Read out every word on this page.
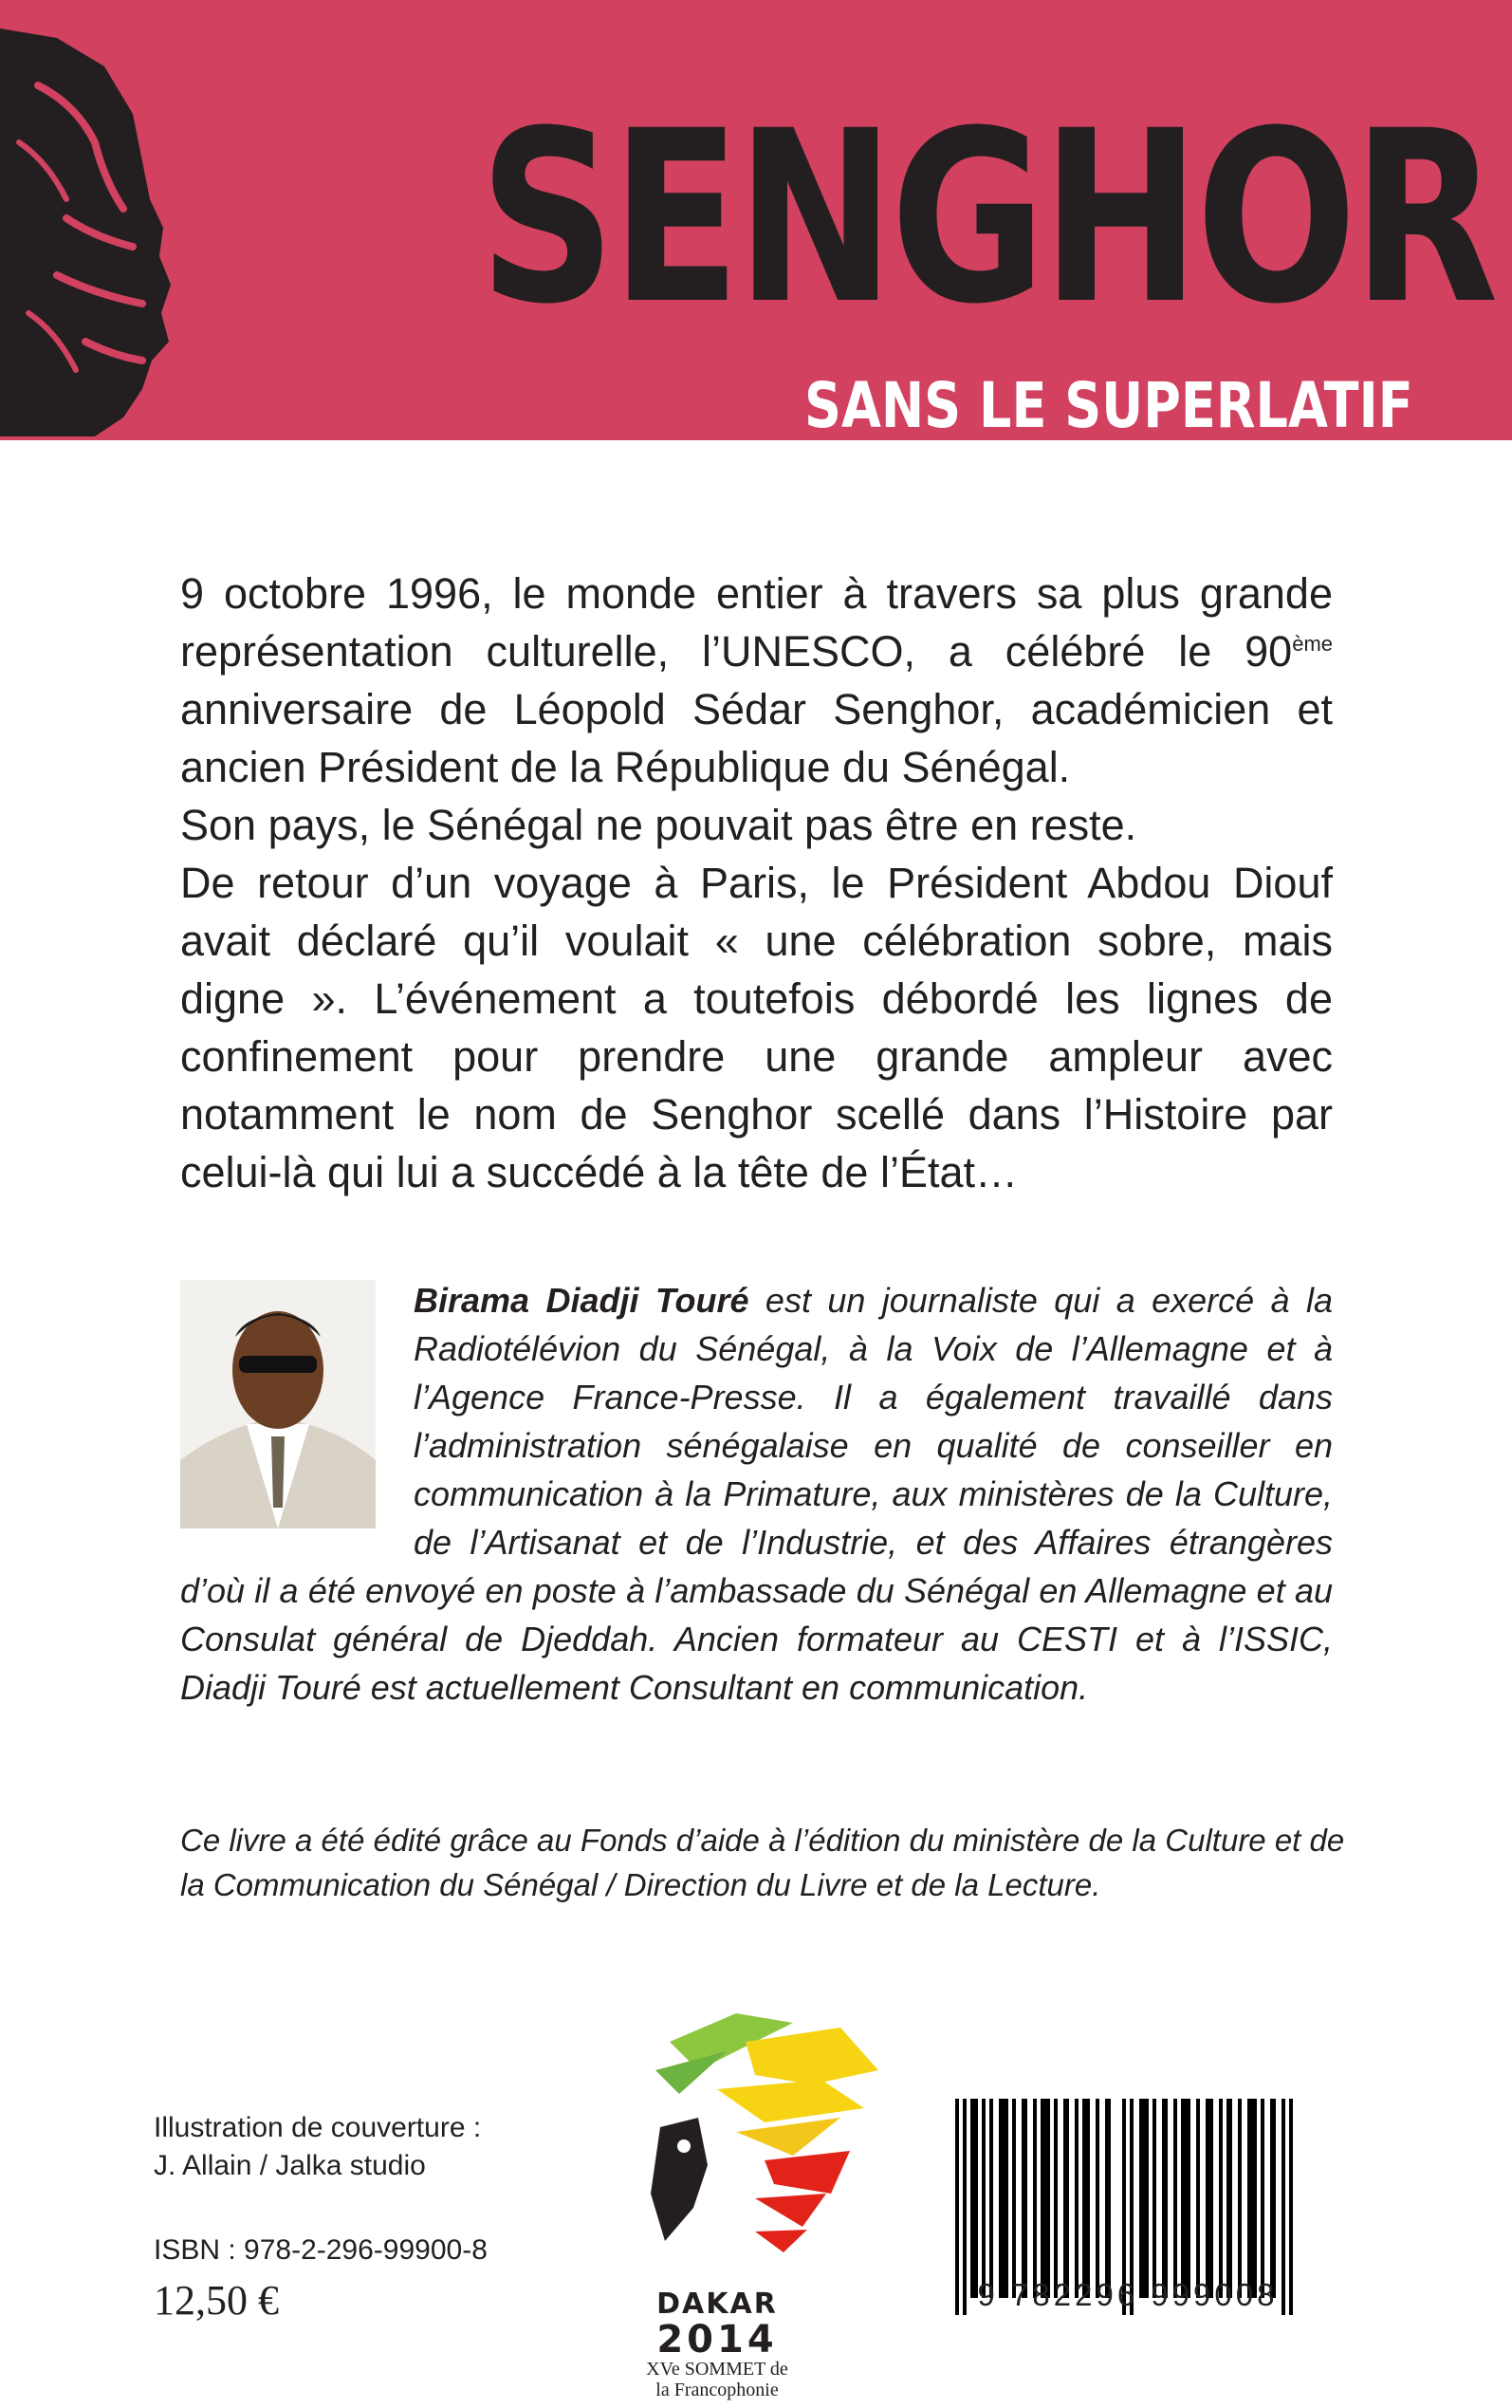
SENGHOR
SANS LE SUPERLATIF

9 octobre 1996, le monde entier à travers sa plus grande représentation culturelle, l’UNESCO, a célébré le 90ème anniversaire de Léopold Sédar Senghor, académicien et ancien Président de la République du Sénégal.

Son pays, le Sénégal ne pouvait pas être en reste.

De retour d’un voyage à Paris, le Président Abdou Diouf avait déclaré qu’il voulait « une célébration sobre, mais digne ». L’événement a toutefois débordé les lignes de confinement pour prendre une grande ampleur avec notamment le nom de Senghor scellé dans l’Histoire par celui-là qui lui a succédé à la tête de l’État…

Birama Diadji Touré est un journaliste qui a exercé à la Radiotélévion du Sénégal, à la Voix de l’Allemagne et à l’Agence France-Presse. Il a également travaillé dans l’administration sénégalaise en qualité de conseiller en communication à la Primature, aux ministères de la Culture, de l’Artisanat et de l’Industrie, et des Affaires étrangères d’où il a été envoyé en poste à l’ambassade du Sénégal en Allemagne et au Consulat général de Djeddah. Ancien formateur au CESTI et à l’ISSIC, Diadji Touré est actuellement Consultant en communication.

Ce livre a été édité grâce au Fonds d’aide à l’édition du ministère de la Culture et de la Communication du Sénégal / Direction du Livre et de la Lecture.

Illustration de couverture :
J. Allain / Jalka studio
ISBN : 978-2-296-99900-8
12,50 €	DAKAR
2014
XVe SOMMET de la Francophonie
9 782296 999008
